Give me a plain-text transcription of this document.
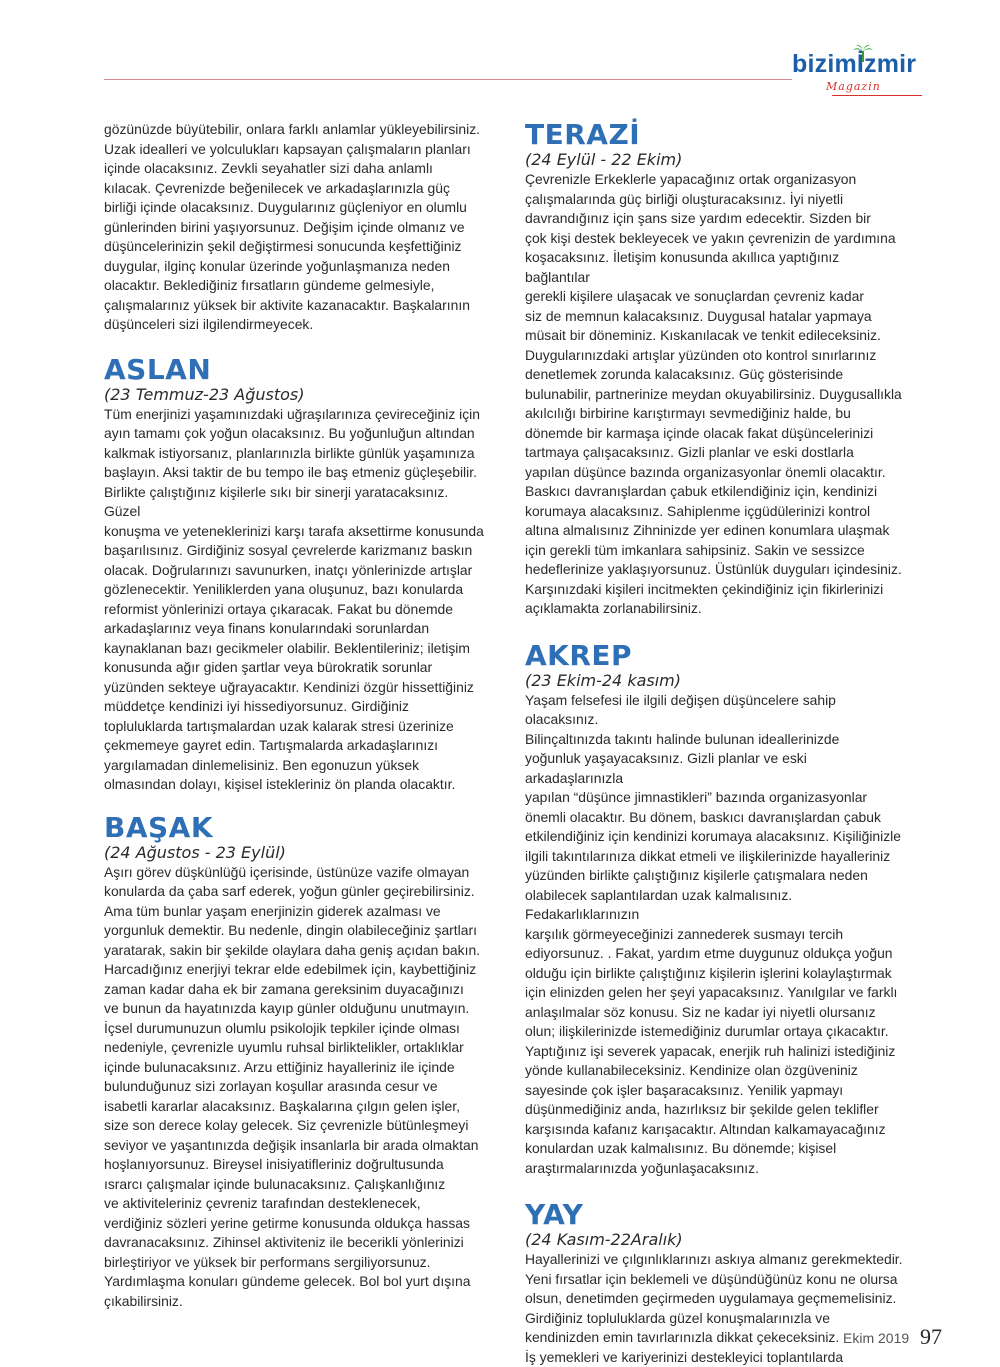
bizimİzmir
Magazin

gözünüzde büyütebilir, onlara farklı anlamlar yükleyebilirsiniz.
Uzak idealleri ve yolculukları kapsayan çalışmaların planları
içinde olacaksınız. Zevkli seyahatler sizi daha anlamlı
kılacak. Çevrenizde beğenilecek ve arkadaşlarınızla güç
birliği içinde olacaksınız. Duygularınız güçleniyor en olumlu
günlerinden birini yaşıyorsunuz. Değişim içinde olmanız ve
düşüncelerinizin şekil değiştirmesi sonucunda keşfettiğiniz
duygular, ilginç konular üzerinde yoğunlaşmanıza neden
olacaktır. Beklediğiniz fırsatların gündeme gelmesiyle,
çalışmalarınız yüksek bir aktivite kazanacaktır. Başkalarının
düşünceleri sizi ilgilendirmeyecek.

ASLAN

(23 Temmuz-23 Ağustos)

Tüm enerjinizi yaşamınızdaki uğraşılarınıza çevireceğiniz için
ayın tamamı çok yoğun olacaksınız. Bu yoğunluğun altından
kalkmak istiyorsanız, planlarınızla birlikte günlük yaşamınıza
başlayın. Aksi taktir de bu tempo ile baş etmeniz güçleşebilir.
Birlikte çalıştığınız kişilerle sıkı bir sinerji yaratacaksınız. Güzel
konuşma ve yeteneklerinizi karşı tarafa aksettirme konusunda
başarılısınız. Girdiğiniz sosyal çevrelerde karizmanız baskın
olacak. Doğrularınızı savunurken, inatçı yönlerinizde artışlar
gözlenecektir. Yeniliklerden yana oluşunuz, bazı konularda
reformist yönlerinizi ortaya çıkaracak. Fakat bu dönemde
arkadaşlarınız veya finans konularındaki sorunlardan
kaynaklanan bazı gecikmeler olabilir. Beklentileriniz; iletişim
konusunda ağır giden şartlar veya bürokratik sorunlar
yüzünden sekteye uğrayacaktır. Kendinizi özgür hissettiğiniz
müddetçe kendinizi iyi hissediyorsunuz. Girdiğiniz
topluluklarda tartışmalardan uzak kalarak stresi üzerinize
çekmemeye gayret edin. Tartışmalarda arkadaşlarınızı
yargılamadan dinlemelisiniz. Ben egonuzun yüksek
olmasından dolayı, kişisel istekleriniz ön planda olacaktır.

BAŞAK

(24 Ağustos - 23 Eylül)

Aşırı görev düşkünlüğü içerisinde, üstünüze vazife olmayan
konularda da çaba sarf ederek, yoğun günler geçirebilirsiniz.
Ama tüm bunlar yaşam enerjinizin giderek azalması ve
yorgunluk demektir. Bu nedenle, dingin olabileceğiniz şartları
yaratarak, sakin bir şekilde olaylara daha geniş açıdan bakın.
Harcadığınız enerjiyi tekrar elde edebilmek için, kaybettiğiniz
zaman kadar daha ek bir zamana gereksinim duyacağınızı
ve bunun da hayatınızda kayıp günler olduğunu unutmayın.
İçsel durumunuzun olumlu psikolojik tepkiler içinde olması
nedeniyle, çevrenizle uyumlu ruhsal birliktelikler, ortaklıklar
içinde bulunacaksınız. Arzu ettiğiniz hayalleriniz ile içinde
bulunduğunuz sizi zorlayan koşullar arasında cesur ve
isabetli kararlar alacaksınız. Başkalarına çılgın gelen işler,
size son derece kolay gelecek. Siz çevrenizle bütünleşmeyi
seviyor ve yaşantınızda değişik insanlarla bir arada olmaktan
hoşlanıyorsunuz. Bireysel inisiyatifleriniz doğrultusunda
ısrarcı çalışmalar içinde bulunacaksınız. Çalışkanlığınız
ve aktiviteleriniz çevreniz tarafından desteklenecek,
verdiğiniz sözleri yerine getirme konusunda oldukça hassas
davranacaksınız. Zihinsel aktiviteniz ile becerikli yönlerinizi
birleştiriyor ve yüksek bir performans sergiliyorsunuz.
Yardımlaşma konuları gündeme gelecek. Bol bol yurt dışına
çıkabilirsiniz.

TERAZİ

(24 Eylül - 22 Ekim)

Çevrenizle Erkeklerle yapacağınız ortak organizasyon
çalışmalarında güç birliği oluşturacaksınız. İyi niyetli
davrandığınız için şans size yardım edecektir. Sizden bir
çok kişi destek bekleyecek ve yakın çevrenizin de yardımına
koşacaksınız. İletişim konusunda akıllıca yaptığınız bağlantılar
gerekli kişilere ulaşacak ve sonuçlardan çevreniz kadar
siz de memnun kalacaksınız. Duygusal hatalar yapmaya
müsait bir döneminiz. Kıskanılacak ve tenkit edileceksiniz.
Duygularınızdaki artışlar yüzünden oto kontrol sınırlarınız
denetlemek zorunda kalacaksınız. Güç gösterisinde
bulunabilir, partnerinize meydan okuyabilirsiniz. Duygusallıkla
akılcılığı birbirine karıştırmayı sevmediğiniz halde, bu
dönemde bir karmaşa içinde olacak fakat düşüncelerinizi
tartmaya çalışacaksınız. Gizli planlar ve eski dostlarla
yapılan düşünce bazında organizasyonlar önemli olacaktır.
Baskıcı davranışlardan çabuk etkilendiğiniz için, kendinizi
korumaya alacaksınız. Sahiplenme içgüdülerinizi kontrol
altına almalısınız Zihninizde yer edinen konumlara ulaşmak
için gerekli tüm imkanlara sahipsiniz. Sakin ve sessizce
hedeflerinize yaklaşıyorsunuz. Üstünlük duyguları içindesiniz.
Karşınızdaki kişileri incitmekten çekindiğiniz için fikirlerinizi
açıklamakta zorlanabilirsiniz.

AKREP

(23 Ekim-24 kasım)

Yaşam felsefesi ile ilgili değişen düşüncelere sahip olacaksınız.
Bilinçaltınızda takıntı halinde bulunan ideallerinizde
yoğunluk yaşayacaksınız. Gizli planlar ve eski arkadaşlarınızla
yapılan “düşünce jimnastikleri” bazında organizasyonlar
önemli olacaktır. Bu dönem, baskıcı davranışlardan çabuk
etkilendiğiniz için kendinizi korumaya alacaksınız. Kişiliğinizle
ilgili takıntılarınıza dikkat etmeli ve ilişkilerinizde hayalleriniz
yüzünden birlikte çalıştığınız kişilerle çatışmalara neden
olabilecek saplantılardan uzak kalmalısınız. Fedakarlıklarınızın
karşılık görmeyeceğinizi zannederek susmayı tercih
ediyorsunuz. . Fakat, yardım etme duygunuz oldukça yoğun
olduğu için birlikte çalıştığınız kişilerin işlerini kolaylaştırmak
için elinizden gelen her şeyi yapacaksınız. Yanılgılar ve farklı
anlaşılmalar söz konusu. Siz ne kadar iyi niyetli olursanız
olun; ilişkilerinizde istemediğiniz durumlar ortaya çıkacaktır.
Yaptığınız işi severek yapacak, enerjik ruh halinizi istediğiniz
yönde kullanabileceksiniz. Kendinize olan özgüveniniz
sayesinde çok işler başaracaksınız. Yenilik yapmayı
düşünmediğiniz anda, hazırlıksız bir şekilde gelen teklifler
karşısında kafanız karışacaktır. Altından kalkamayacağınız
konulardan uzak kalmalısınız. Bu dönemde; kişisel
araştırmalarınızda yoğunlaşacaksınız.

YAY

(24 Kasım-22Aralık)

Hayallerinizi ve çılgınlıklarınızı askıya almanız gerekmektedir.
Yeni fırsatlar için beklemeli ve düşündüğünüz konu ne olursa
olsun, denetimden geçirmeden uygulamaya geçmemelisiniz.
Girdiğiniz topluluklarda güzel konuşmalarınızla ve
kendinizden emin tavırlarınızla dikkat çekeceksiniz.
İş yemekleri ve kariyerinizi destekleyici toplantılarda

Ekim 2019 97
